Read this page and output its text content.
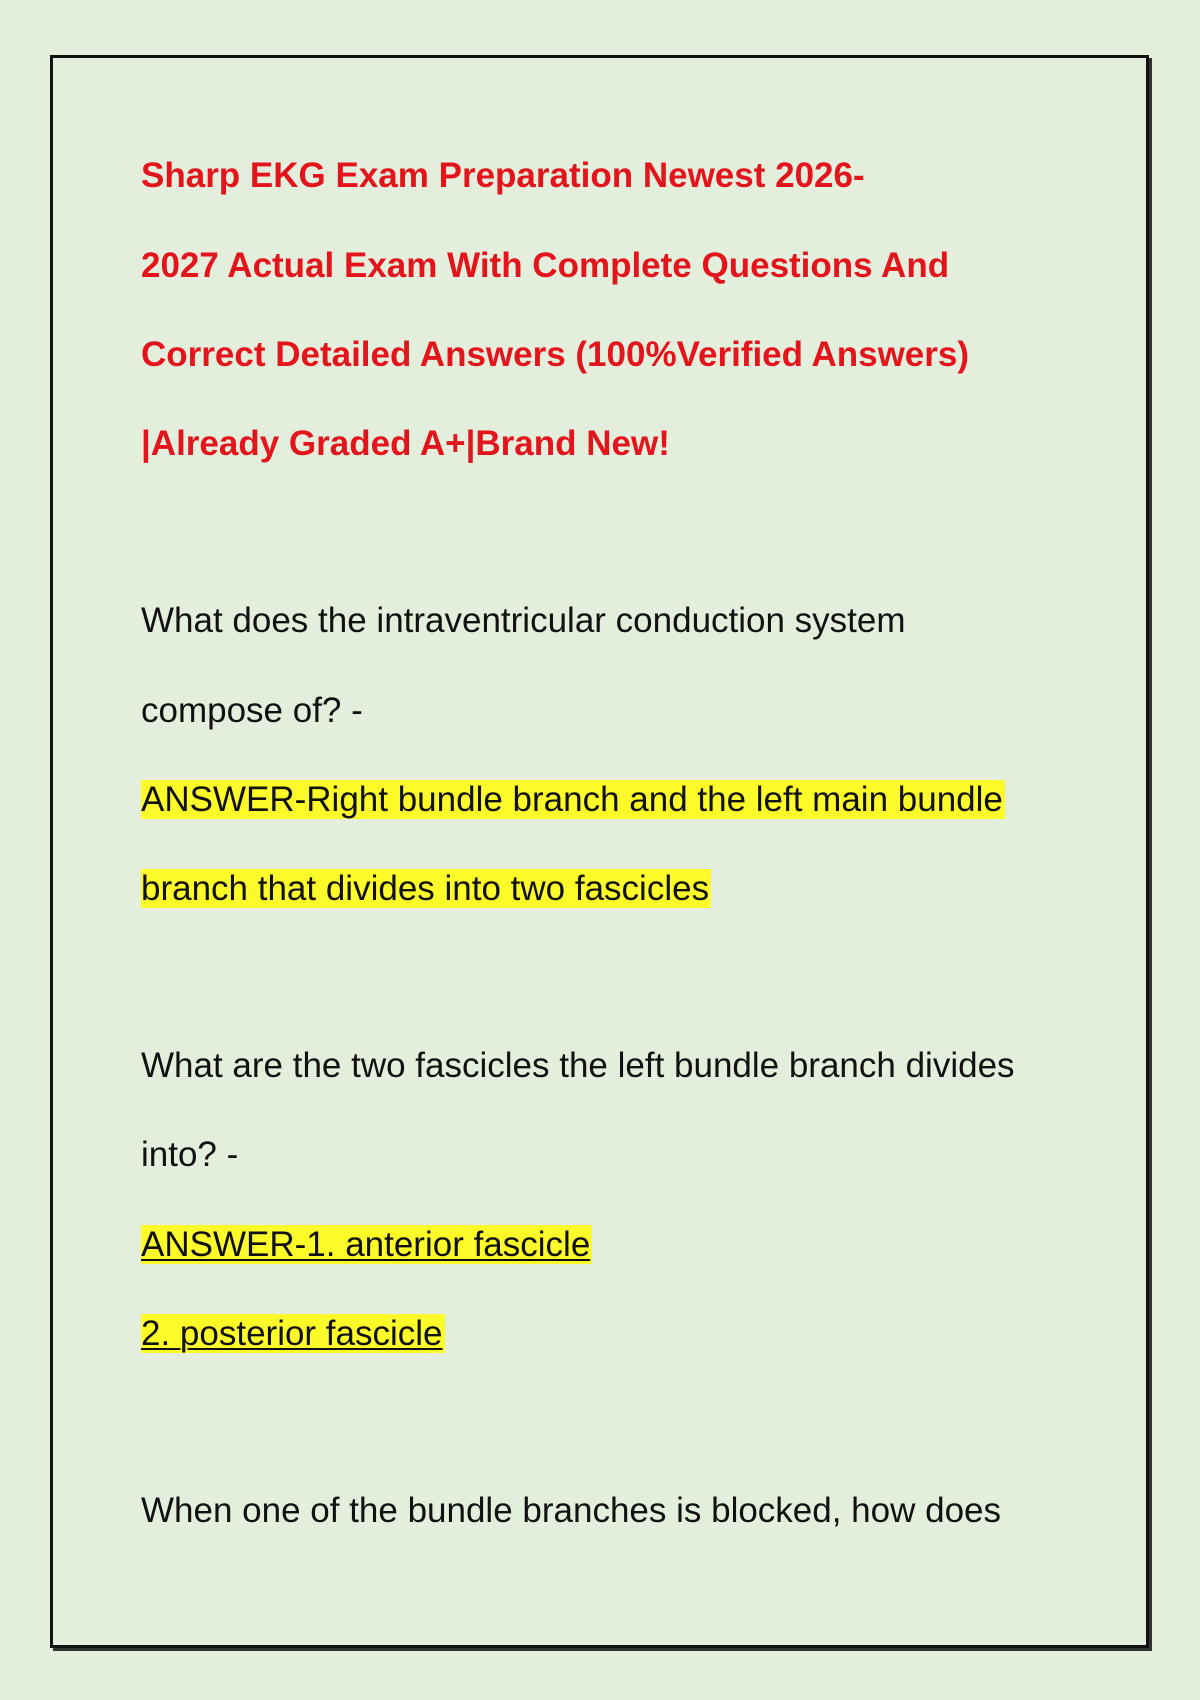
Sharp EKG Exam Preparation Newest 2026-
2027 Actual Exam With Complete Questions And
Correct Detailed Answers (100%Verified Answers)
|Already Graded A+|Brand New!
What does the intraventricular conduction system
compose of? -
ANSWER-Right bundle branch and the left main bundle
branch that divides into two fascicles
What are the two fascicles the left bundle branch divides
into? -
ANSWER-1. anterior fascicle
2. posterior fascicle
When one of the bundle branches is blocked, how does
